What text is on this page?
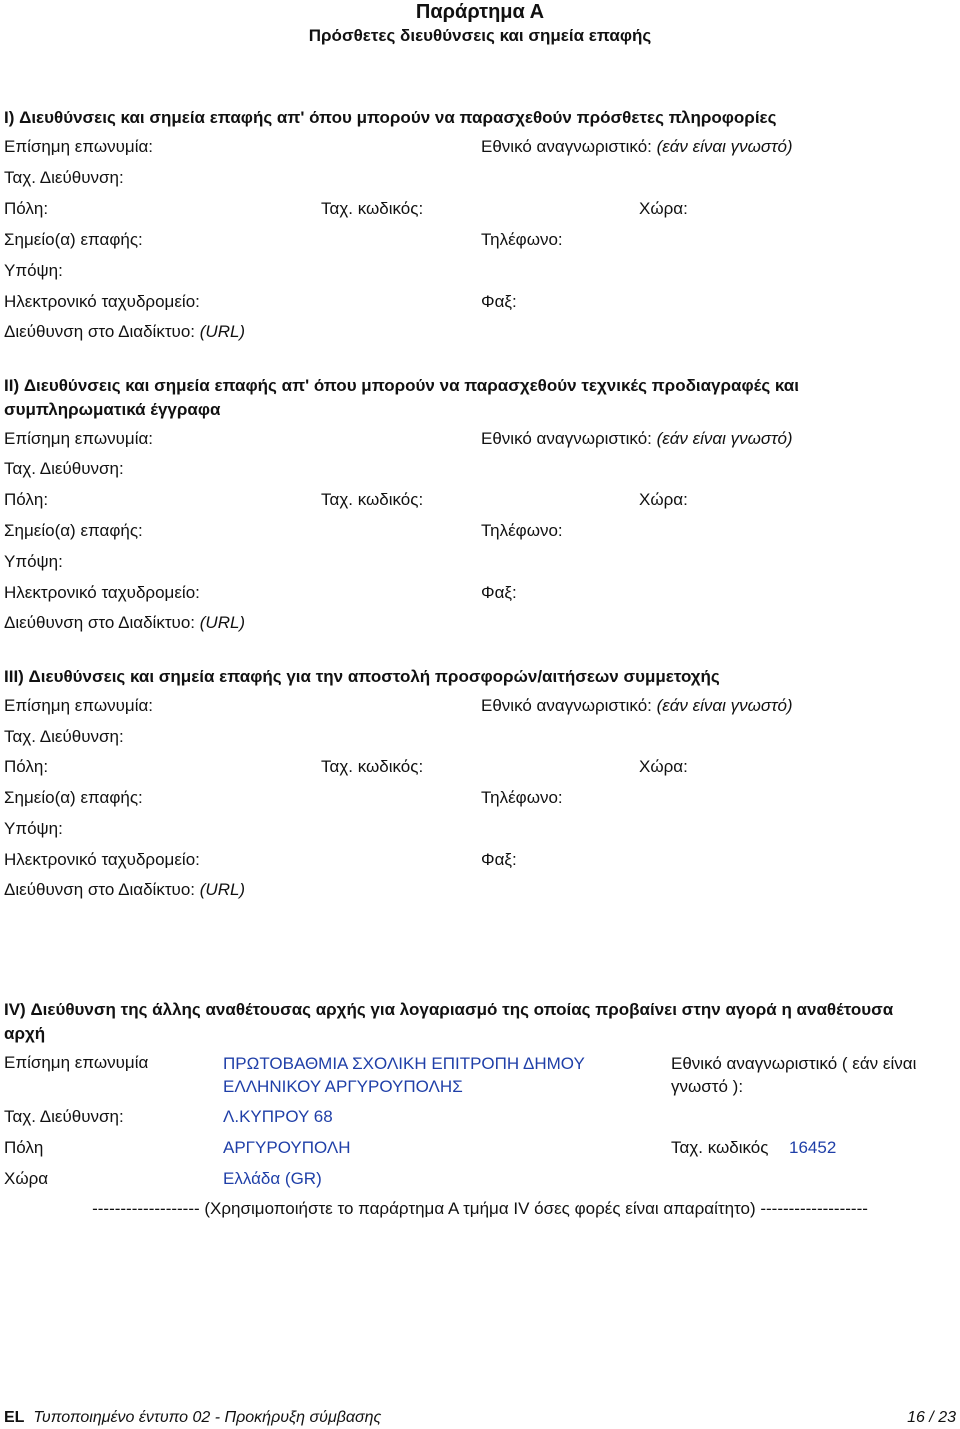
Παράρτημα Α
Πρόσθετες διευθύνσεις και σημεία επαφής
I) Διευθύνσεις και σημεία επαφής απ' όπου μπορούν να παρασχεθούν πρόσθετες πληροφορίες
Επίσημη επωνυμία:	Εθνικό αναγνωριστικό: (εάν είναι γνωστό)
Ταχ. Διεύθυνση:
Πόλη:	Ταχ. κωδικός:	Χώρα:
Σημείο(α) επαφής:	Τηλέφωνο:
Υπόψη:
Ηλεκτρονικό ταχυδρομείο:	Φαξ:
Διεύθυνση στο Διαδίκτυο: (URL)
II) Διευθύνσεις και σημεία επαφής απ' όπου μπορούν να παρασχεθούν τεχνικές προδιαγραφές και συμπληρωματικά έγγραφα
Επίσημη επωνυμία:	Εθνικό αναγνωριστικό: (εάν είναι γνωστό)
Ταχ. Διεύθυνση:
Πόλη:	Ταχ. κωδικός:	Χώρα:
Σημείο(α) επαφής:	Τηλέφωνο:
Υπόψη:
Ηλεκτρονικό ταχυδρομείο:	Φαξ:
Διεύθυνση στο Διαδίκτυο: (URL)
III) Διευθύνσεις και σημεία επαφής για την αποστολή προσφορών/αιτήσεων συμμετοχής
Επίσημη επωνυμία:	Εθνικό αναγνωριστικό: (εάν είναι γνωστό)
Ταχ. Διεύθυνση:
Πόλη:	Ταχ. κωδικός:	Χώρα:
Σημείο(α) επαφής:	Τηλέφωνο:
Υπόψη:
Ηλεκτρονικό ταχυδρομείο:	Φαξ:
Διεύθυνση στο Διαδίκτυο: (URL)
IV) Διεύθυνση της άλλης αναθέτουσας αρχής για λογαριασμό της οποίας προβαίνει στην αγορά η αναθέτουσα αρχή
Επίσημη επωνυμία	ΠΡΩΤΟΒΑΘΜΙΑ ΣΧΟΛΙΚΗ ΕΠΙΤΡΟΠΗ ΔΗΜΟΥ ΕΛΛΗΝΙΚΟΥ ΑΡΓΥΡΟΥΠΟΛΗΣ
Εθνικό αναγνωριστικό ( εάν είναι γνωστό ):
Ταχ. Διεύθυνση:	Λ.ΚΥΠΡΟΥ 68
Πόλη	ΑΡΓΥΡΟΥΠΟΛΗ	Ταχ. κωδικός 16452
Χώρα	Ελλάδα (GR)
------------------- (Χρησιμοποιήστε το παράρτημα Α τμήμα IV όσες φορές είναι απαραίτητο) -------------------
EL Τυποποιημένο έντυπο 02 - Προκήρυξη σύμβασης	16 / 23
